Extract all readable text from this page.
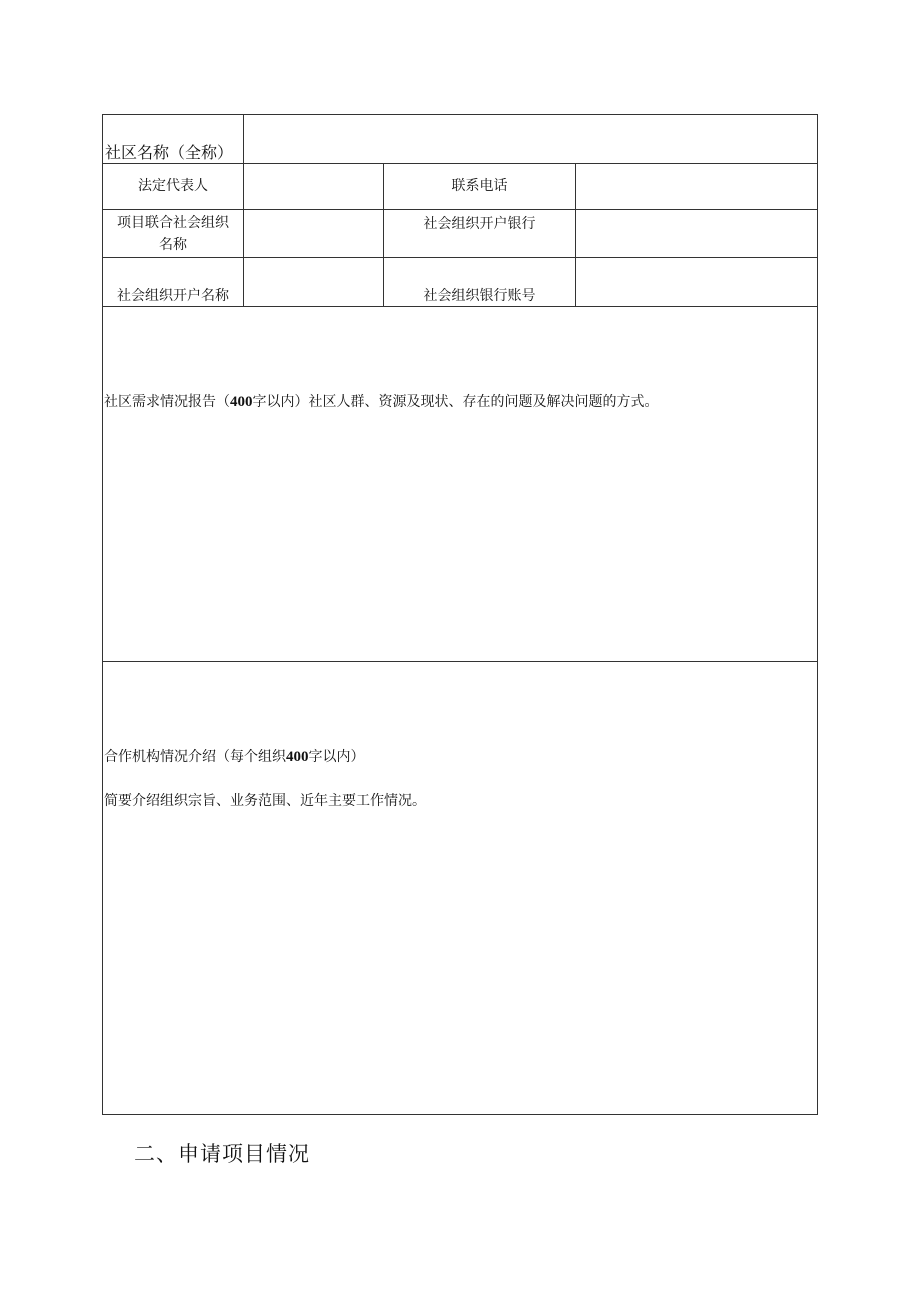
社区名称（全称）
法定代表人	联系电话
项目联合社会组织
名称
社会组织开户银行
社会组织开户名称	社会组织银行账号
社区需求情况报告（400字以内）社区人群、资源及现状、存在的问题及解决问题的方式。
合作机构情况介绍（每个组织400字以内）
简要介绍组织宗旨、业务范围、近年主要工作情况。
二、申请项目情况
